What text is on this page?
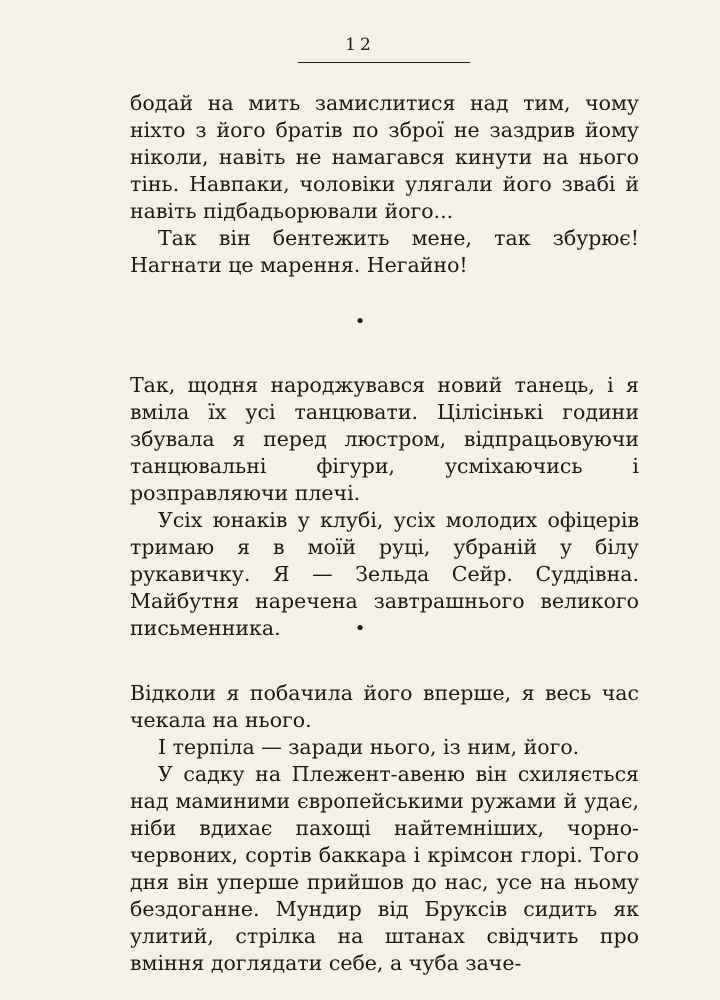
12

бодай на мить замислитися над тим, чому ніхто з його братів по зброї не заздрив йому ніколи, навіть не намагався кинути на нього тінь. Навпаки, чоловіки улягали його звабі й навіть підбадьорювали його...

Так він бентежить мене, так збурює! Нагнати це марення. Негайно!

•

Так, щодня народжувався новий танець, і я вміла їх усі танцювати. Цілісінькі години збувала я перед люстром, відпрацьовуючи танцювальні фігури, усміхаючись і розправляючи плечі.

Усіх юнаків у клубі, усіх молодих офіцерів тримаю я в моїй руці, убраній у білу рукавичку. Я — Зельда Сейр. Суддівна. Майбутня наречена завтрашнього великого письменника.	•

Відколи я побачила його вперше, я весь час чекала на нього.

І терпіла — заради нього, із ним, його.

У садку на Плежент-авеню він схиляється над маминими європейськими ружами й удає, ніби вдихає пахощі найтемніших, чорно-червоних, сортів баккара і крімсон глорі. Того дня він уперше прийшов до нас, усе на ньому бездоганне. Мундир від Бруксів сидить як улитий, стрілка на штанах свідчить про вміння доглядати себе, а чуба заче-
